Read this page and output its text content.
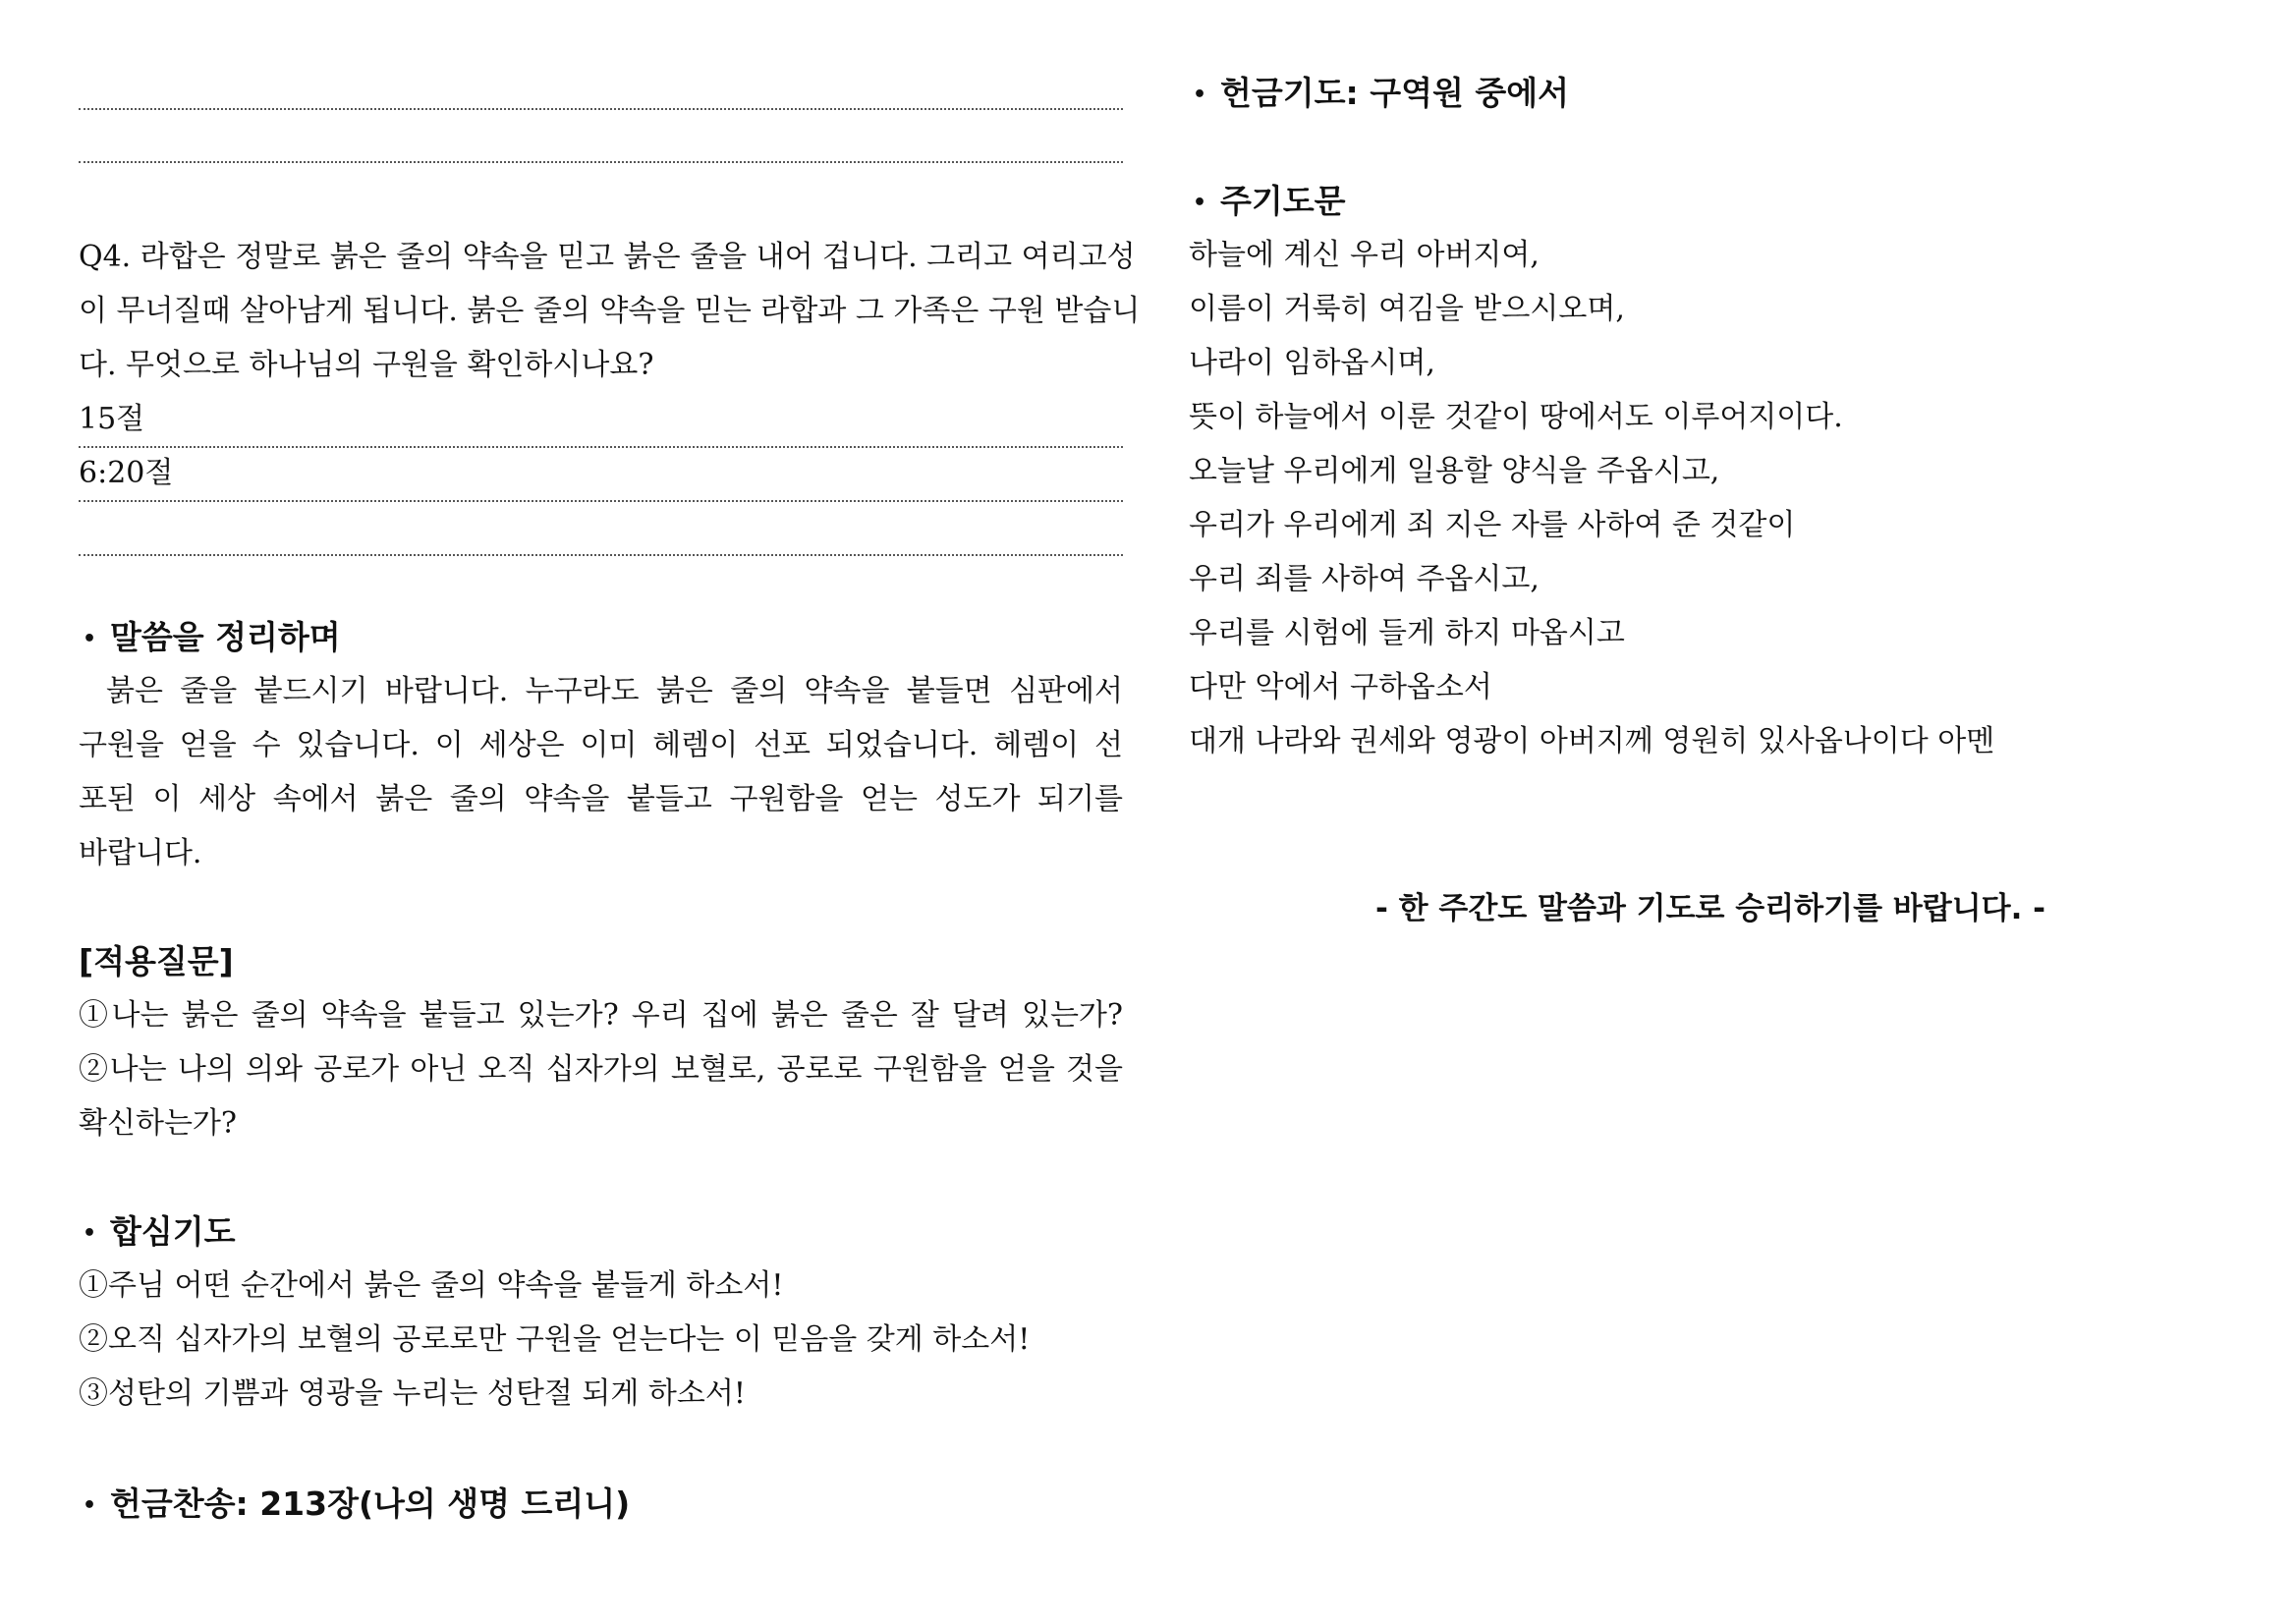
Q4. 라합은 정말로 붉은 줄의 약속을 믿고 붉은 줄을 내어 겁니다. 그리고 여리고성
이 무너질때 살아남게 됩니다. 붉은 줄의 약속을 믿는 라합과 그 가족은 구원 받습니
다. 무엇으로 하나님의 구원을 확인하시나요?
15절
6:20절
• 말씀을 정리하며
붉은 줄을 붙드시기 바랍니다. 누구라도 붉은 줄의 약속을 붙들면 심판에서
구원을 얻을 수 있습니다. 이 세상은 이미 헤렘이 선포 되었습니다. 헤렘이 선
포된 이 세상 속에서 붉은 줄의 약속을 붙들고 구원함을 얻는 성도가 되기를
바랍니다.
[적용질문]
①나는 붉은 줄의 약속을 붙들고 있는가? 우리 집에 붉은 줄은 잘 달려 있는가?
②나는 나의 의와 공로가 아닌 오직 십자가의 보혈로, 공로로 구원함을 얻을 것을
확신하는가?
• 합심기도
①주님 어떤 순간에서 붉은 줄의 약속을 붙들게 하소서!
②오직 십자가의 보혈의 공로로만 구원을 얻는다는 이 믿음을 갖게 하소서!
③성탄의 기쁨과 영광을 누리는 성탄절 되게 하소서!
• 헌금찬송: 213장(나의 생명 드리니)
• 헌금기도: 구역원 중에서
• 주기도문
하늘에 계신 우리 아버지여,
이름이 거룩히 여김을 받으시오며,
나라이 임하옵시며,
뜻이 하늘에서 이룬 것같이 땅에서도 이루어지이다.
오늘날 우리에게 일용할 양식을 주옵시고,
우리가 우리에게 죄 지은 자를 사하여 준 것같이
우리 죄를 사하여 주옵시고,
우리를 시험에 들게 하지 마옵시고
다만 악에서 구하옵소서
대개 나라와 권세와 영광이 아버지께 영원히 있사옵나이다 아멘
- 한 주간도 말씀과 기도로 승리하기를 바랍니다. -
